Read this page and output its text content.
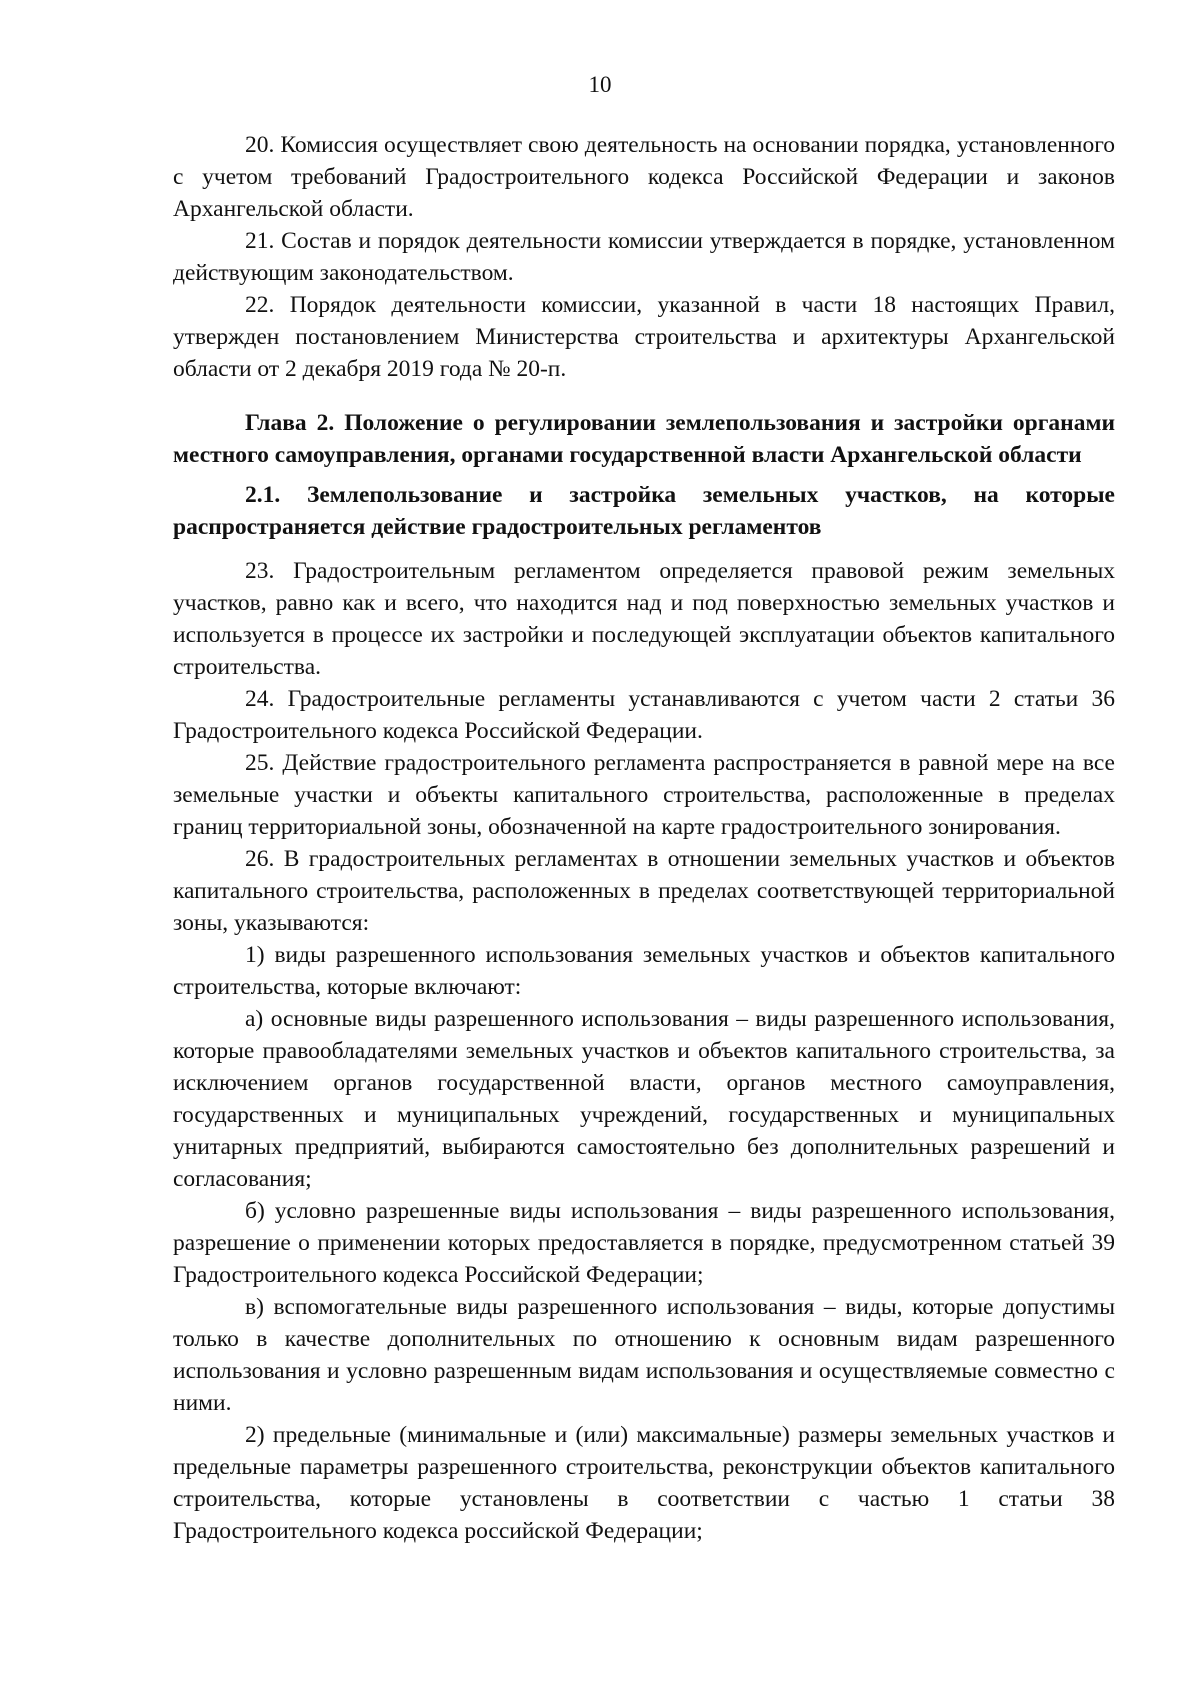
10

20. Комиссия осуществляет свою деятельность на основании порядка, установленного с учетом требований Градостроительного кодекса Российской Федерации и законов Архангельской области.

21. Состав и порядок деятельности комиссии утверждается в порядке, установленном действующим законодательством.

22. Порядок деятельности комиссии, указанной в части 18 настоящих Правил, утвержден постановлением Министерства строительства и архитектуры Архангельской области от 2 декабря 2019 года № 20-п.

Глава 2. Положение о регулировании землепользования и застройки органами местного самоуправления, органами государственной власти Архангельской области

2.1. Землепользование и застройка земельных участков, на которые распространяется действие градостроительных регламентов

23. Градостроительным регламентом определяется правовой режим земельных участков, равно как и всего, что находится над и под поверхностью земельных участков и используется в процессе их застройки и последующей эксплуатации объектов капитального строительства.

24. Градостроительные регламенты устанавливаются с учетом части 2 статьи 36 Градостроительного кодекса Российской Федерации.

25. Действие градостроительного регламента распространяется в равной мере на все земельные участки и объекты капитального строительства, расположенные в пределах границ территориальной зоны, обозначенной на карте градостроительного зонирования.

26. В градостроительных регламентах в отношении земельных участков и объектов капитального строительства, расположенных в пределах соответствующей территориальной зоны, указываются:

1) виды разрешенного использования земельных участков и объектов капитального строительства, которые включают:

а) основные виды разрешенного использования – виды разрешенного использования, которые правообладателями земельных участков и объектов капитального строительства, за исключением органов государственной власти, органов местного самоуправления, государственных и муниципальных учреждений, государственных и муниципальных унитарных предприятий, выбираются самостоятельно без дополнительных разрешений и согласования;

б) условно разрешенные виды использования – виды разрешенного использования, разрешение о применении которых предоставляется в порядке, предусмотренном статьей 39 Градостроительного кодекса Российской Федерации;

в) вспомогательные виды разрешенного использования – виды, которые допустимы только в качестве дополнительных по отношению к основным видам разрешенного использования и условно разрешенным видам использования и осуществляемые совместно с ними.

2) предельные (минимальные и (или) максимальные) размеры земельных участков и предельные параметры разрешенного строительства, реконструкции объектов капитального строительства, которые установлены в соответствии с частью 1 статьи 38 Градостроительного кодекса российской Федерации;
